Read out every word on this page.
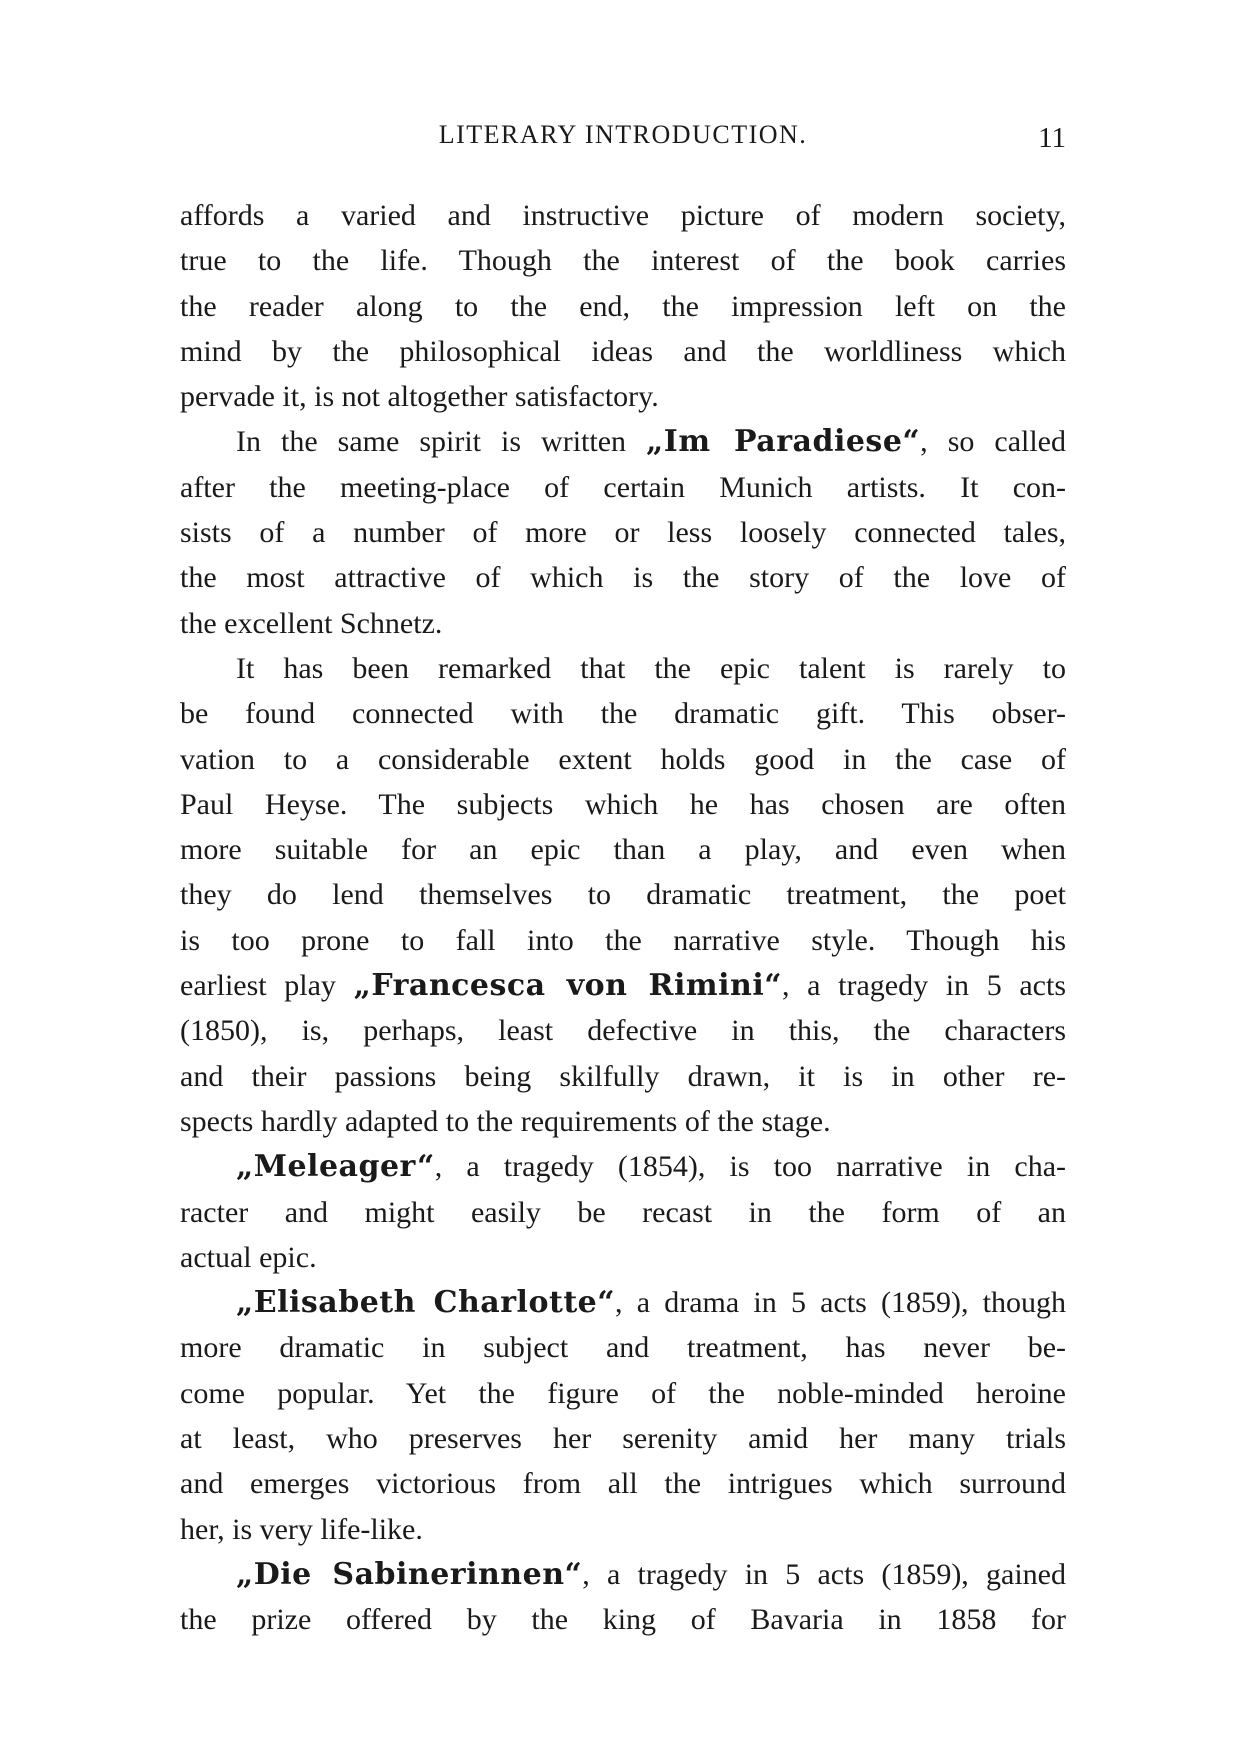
LITERARY INTRODUCTION.	11
affords a varied and instructive picture of modern society,
true to the life. Though the interest of the book carries
the reader along to the end, the impression left on the
mind by the philosophical ideas and the worldliness which
pervade it, is not altogether satisfactory.
In the same spirit is written „Im Paradiese“, so called
after the meeting-place of certain Munich artists. It con-
sists of a number of more or less loosely connected tales,
the most attractive of which is the story of the love of
the excellent Schnetz.
It has been remarked that the epic talent is rarely to
be found connected with the dramatic gift. This obser-
vation to a considerable extent holds good in the case of
Paul Heyse. The subjects which he has chosen are often
more suitable for an epic than a play, and even when
they do lend themselves to dramatic treatment, the poet
is too prone to fall into the narrative style. Though his
earliest play „Francesca von Rimini“, a tragedy in 5 acts
(1850), is, perhaps, least defective in this, the characters
and their passions being skilfully drawn, it is in other re-
spects hardly adapted to the requirements of the stage.
„Meleager“, a tragedy (1854), is too narrative in cha-
racter and might easily be recast in the form of an
actual epic.
„Elisabeth Charlotte“, a drama in 5 acts (1859), though
more dramatic in subject and treatment, has never be-
come popular. Yet the figure of the noble-minded heroine
at least, who preserves her serenity amid her many trials
and emerges victorious from all the intrigues which surround
her, is very life-like.
„Die Sabinerinnen“, a tragedy in 5 acts (1859), gained
the prize offered by the king of Bavaria in 1858 for
